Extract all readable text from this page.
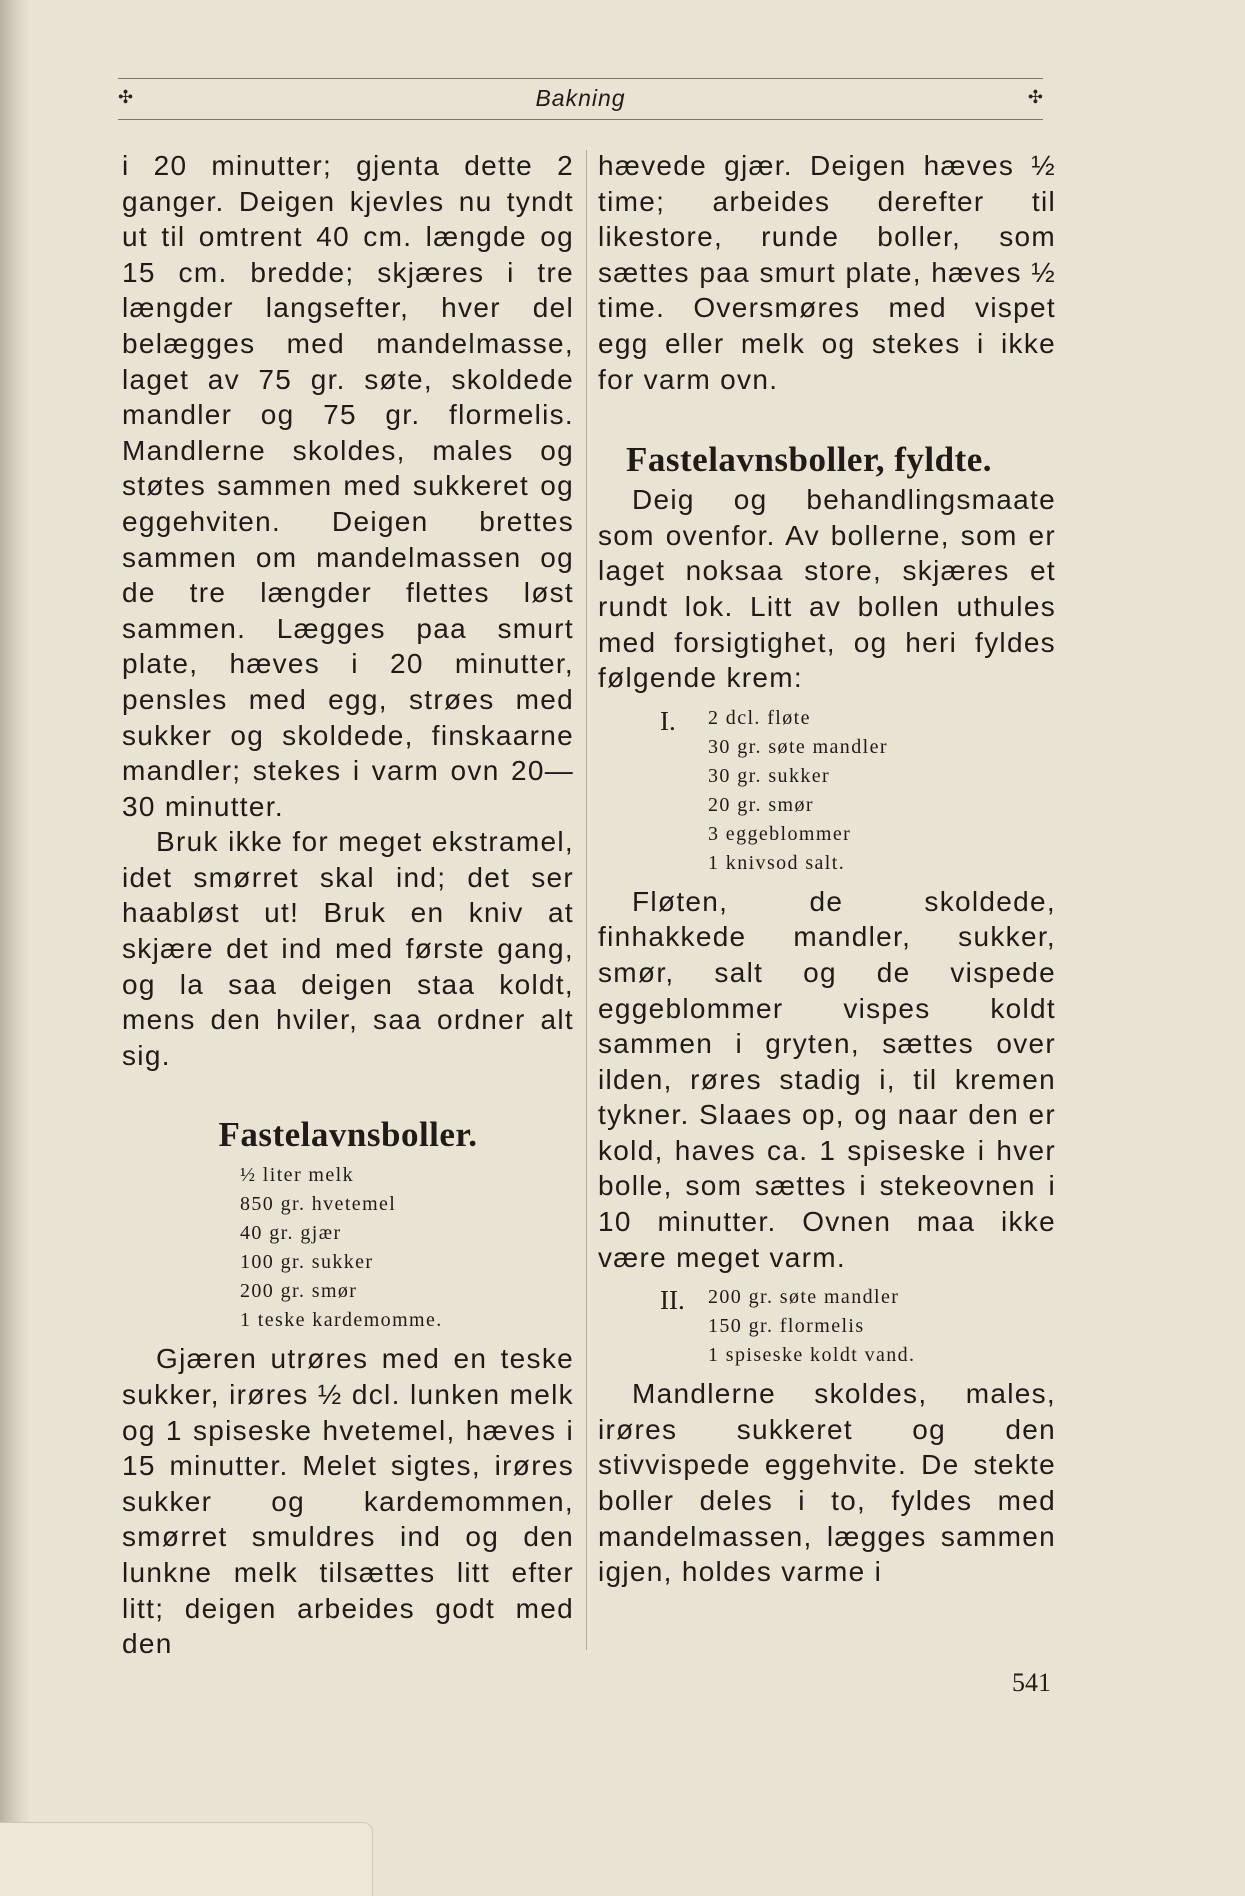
✣	Bakning	✣

i 20 minutter; gjenta dette 2 ganger. Deigen kjevles nu tyndt ut til omtrent 40 cm. længde og 15 cm. bredde; skjæres i tre længder langsefter, hver del belægges med mandelmasse, laget av 75 gr. søte, skoldede mandler og 75 gr. flormelis. Mandlerne skoldes, males og støtes sammen med sukkeret og eggehviten. Deigen brettes sammen om mandelmassen og de tre længder flettes løst sammen. Lægges paa smurt plate, hæves i 20 minutter, pensles med egg, strøes med sukker og skoldede, finskaarne mandler; stekes i varm ovn 20—30 minutter.

Bruk ikke for meget ekstramel, idet smørret skal ind; det ser haabløst ut! Bruk en kniv at skjære det ind med første gang, og la saa deigen staa koldt, mens den hviler, saa ordner alt sig.

Fastelavnsboller.
½ liter melk
850 gr. hvetemel
40 gr. gjær
100 gr. sukker
200 gr. smør
1 teske kardemomme.

Gjæren utrøres med en teske sukker, irøres ½ dcl. lunken melk og 1 spiseske hvetemel, hæves i 15 minutter. Melet sigtes, irøres sukker og kardemommen, smørret smuldres ind og den lunkne melk tilsættes litt efter litt; deigen arbeides godt med den

hævede gjær. Deigen hæves ½ time; arbeides derefter til likestore, runde boller, som sættes paa smurt plate, hæves ½ time. Oversmøres med vispet egg eller melk og stekes i ikke for varm ovn.

Fastelavnsboller, fyldte.

Deig og behandlingsmaate som ovenfor. Av bollerne, som er laget noksaa store, skjæres et rundt lok. Litt av bollen uthules med forsigtighet, og heri fyldes følgende krem:

I. 2 dcl. fløte
30 gr. søte mandler
30 gr. sukker
20 gr. smør
3 eggeblommer
1 knivsod salt.

Fløten, de skoldede, finhakkede mandler, sukker, smør, salt og de vispede eggeblommer vispes koldt sammen i gryten, sættes over ilden, røres stadig i, til kremen tykner. Slaaes op, og naar den er kold, haves ca. 1 spiseske i hver bolle, som sættes i stekeovnen i 10 minutter. Ovnen maa ikke være meget varm.

II. 200 gr. søte mandler
150 gr. flormelis
1 spiseske koldt vand.

Mandlerne skoldes, males, irøres sukkeret og den stivvispede eggehvite. De stekte boller deles i to, fyldes med mandelmassen, lægges sammen igjen, holdes varme i

541
